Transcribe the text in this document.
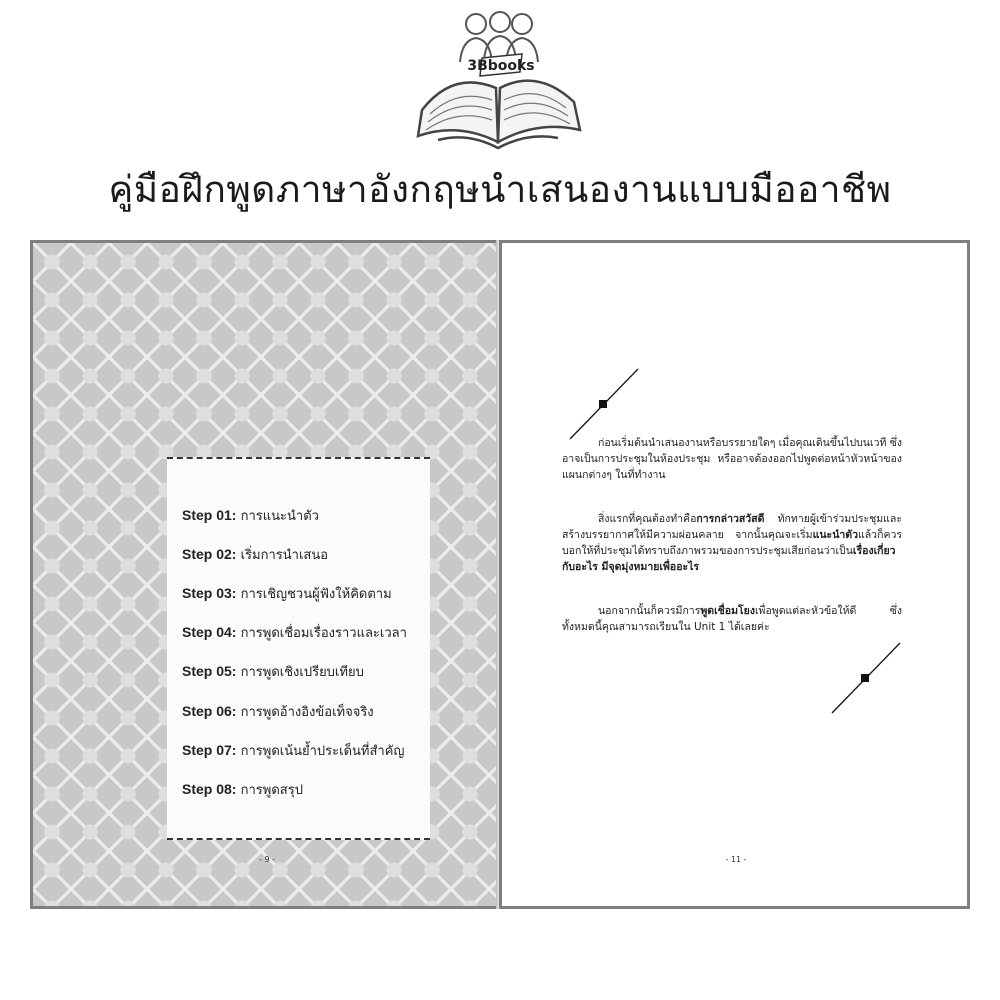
3Bbooks
คู่มือฝึกพูดภาษาอังกฤษนำเสนองานแบบมืออาชีพ
Step 01: การแนะนำตัว
Step 02: เริ่มการนำเสนอ
Step 03: การเชิญชวนผู้ฟังให้คิดตาม
Step 04: การพูดเชื่อมเรื่องราวและเวลา
Step 05: การพูดเชิงเปรียบเทียบ
Step 06: การพูดอ้างอิงข้อเท็จจริง
Step 07: การพูดเน้นย้ำประเด็นที่สำคัญ
Step 08: การพูดสรุป
- 9 -

ก่อนเริ่มต้นนำเสนองานหรือบรรยายใดๆ เมื่อคุณเดินขึ้นไปบนเวที ซึ่งอาจเป็นการประชุมในห้องประชุม หรืออาจต้องออกไปพูดต่อหน้าหัวหน้าของแผนกต่างๆ ในที่ทำงาน

สิ่งแรกที่คุณต้องทำคือการกล่าวสวัสดี ทักทายผู้เข้าร่วมประชุมและสร้างบรรยากาศให้มีความผ่อนคลาย จากนั้นคุณจะเริ่มแนะนำตัวแล้วก็ควรบอกให้ที่ประชุมได้ทราบถึงภาพรวมของการประชุมเสียก่อนว่าเป็นเรื่องเกี่ยวกับอะไร มีจุดมุ่งหมายเพื่ออะไร

นอกจากนั้นก็ควรมีการพูดเชื่อมโยงเพื่อพูดแต่ละหัวข้อให้ดี ซึ่งทั้งหมดนี้คุณสามารถเรียนใน Unit 1 ได้เลยค่ะ

- 11 -
